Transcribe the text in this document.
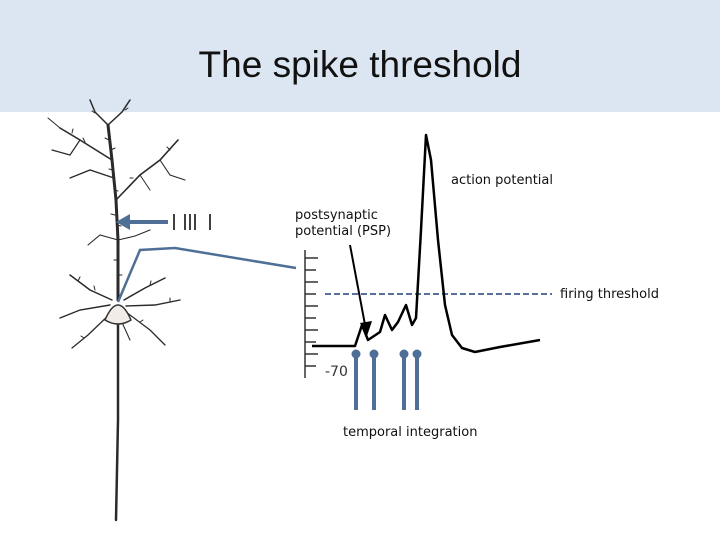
The spike threshold
action potential
postsynaptic
potential (PSP)
firing threshold
temporal integration
-70
